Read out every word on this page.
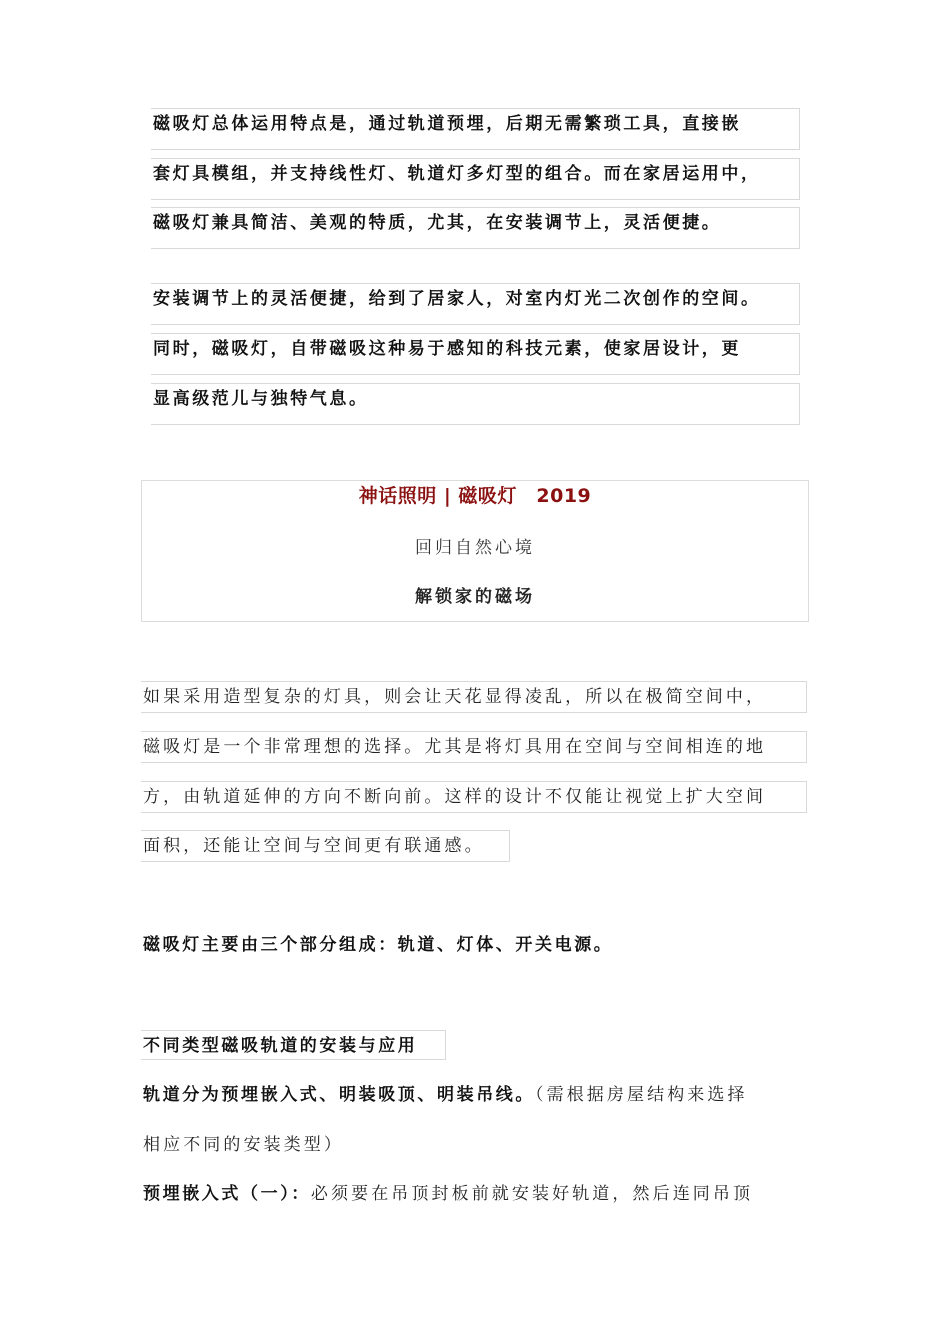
磁吸灯总体运用特点是，通过轨道预埋，后期无需繁琐工具，直接嵌
套灯具模组，并支持线性灯、轨道灯多灯型的组合。而在家居运用中，
磁吸灯兼具简洁、美观的特质，尤其，在安装调节上，灵活便捷。
安装调节上的灵活便捷，给到了居家人，对室内灯光二次创作的空间。
同时，磁吸灯，自带磁吸这种易于感知的科技元素，使家居设计，更
显高级范儿与独特气息。
神话照明 | 磁吸灯　2019
回归自然心境
解锁家的磁场
如果采用造型复杂的灯具，则会让天花显得凌乱，所以在极简空间中，
磁吸灯是一个非常理想的选择。尤其是将灯具用在空间与空间相连的地
方，由轨道延伸的方向不断向前。这样的设计不仅能让视觉上扩大空间
面积，还能让空间与空间更有联通感。
磁吸灯主要由三个部分组成：轨道、灯体、开关电源。
不同类型磁吸轨道的安装与应用
轨道分为预埋嵌入式、明装吸顶、明装吊线。（需根据房屋结构来选择
相应不同的安装类型）
预埋嵌入式（一）：必须要在吊顶封板前就安装好轨道，然后连同吊顶
